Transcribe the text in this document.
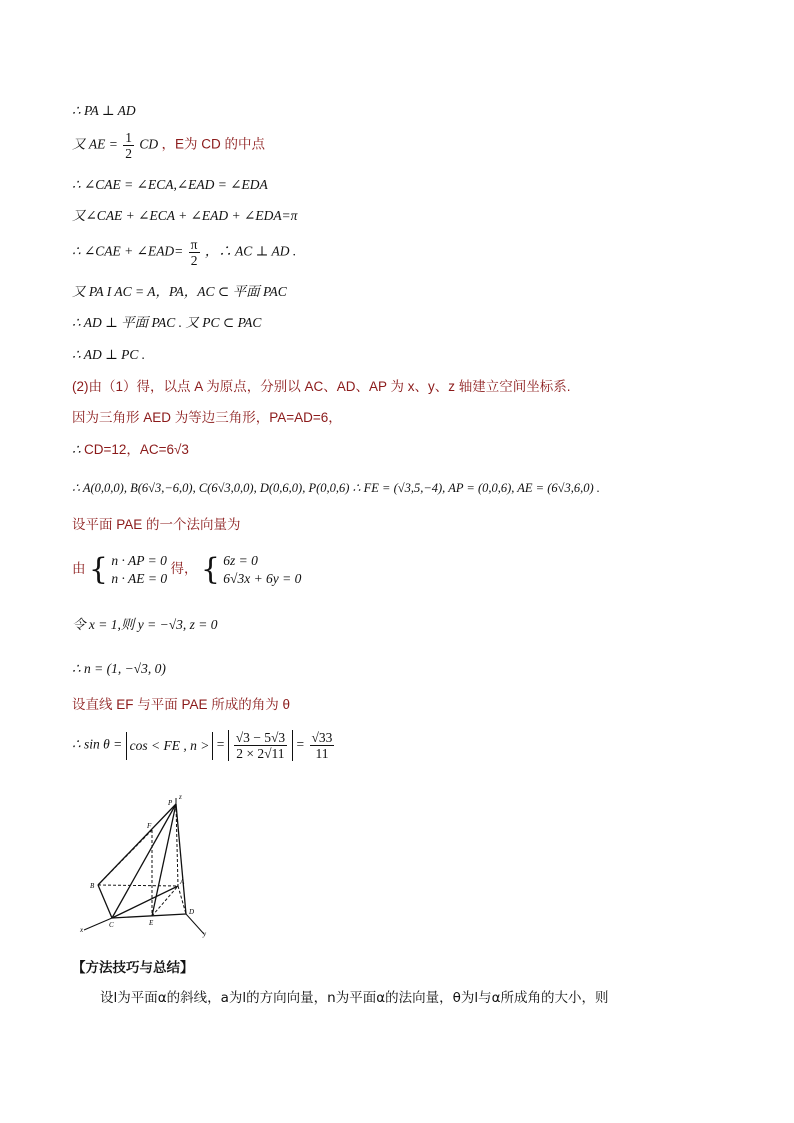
∴ PA ⊥ AD
又 AE = $\frac{1}{2}$ CD ，E为 CD 的中点
∴ ∠CAE = ∠ECA,∠EAD = ∠EDA
又∠CAE + ∠ECA + ∠EAD + ∠EDA=π
∴ ∠CAE + ∠EAD= $\frac{\pi}{2}$ ，∴ AC ⊥ AD .
又 PA I AC = A，PA，AC ⊂ 平面 PAC
∴ AD ⊥ 平面 PAC . 又 PC ⊂ PAC
∴ AD ⊥ PC .
(2)由（1）得，以点 A 为原点，分别以 AC、AD、AP 为 x、y、z 轴建立空间坐标系.
因为三角形 AED 为等边三角形，PA=AD=6，
∴ CD=12，AC=6√3
∴ A(0,0,0), B(6√3,−6,0), C(6√3,0,0), D(0,6,0), P(0,0,6) ∴ FE = (√3,5,−4), AP = (0,0,6), AE = (6√3,6,0) .
设平面 PAE 的一个法向量为
由 { n · AP = 0
n · AE = 0
得， { 6z = 0
6√3x + 6y = 0
令 x = 1,则 y = −√3, z = 0
∴ n = (1, −√3, 0)
设直线 EF 与平面 PAE 所成的角为 θ
∴ sin θ = cos < FE , n > = $\frac{√3 - 5√3}{2 \times 2√11} = \frac{√33}{11}$
P
z
F
B	A
C	E
D
x	y
【方法技巧与总结】
设l为平面α的斜线，a为l的方向向量，n为平面α的法向量，θ为l与α所成角的大小，则
